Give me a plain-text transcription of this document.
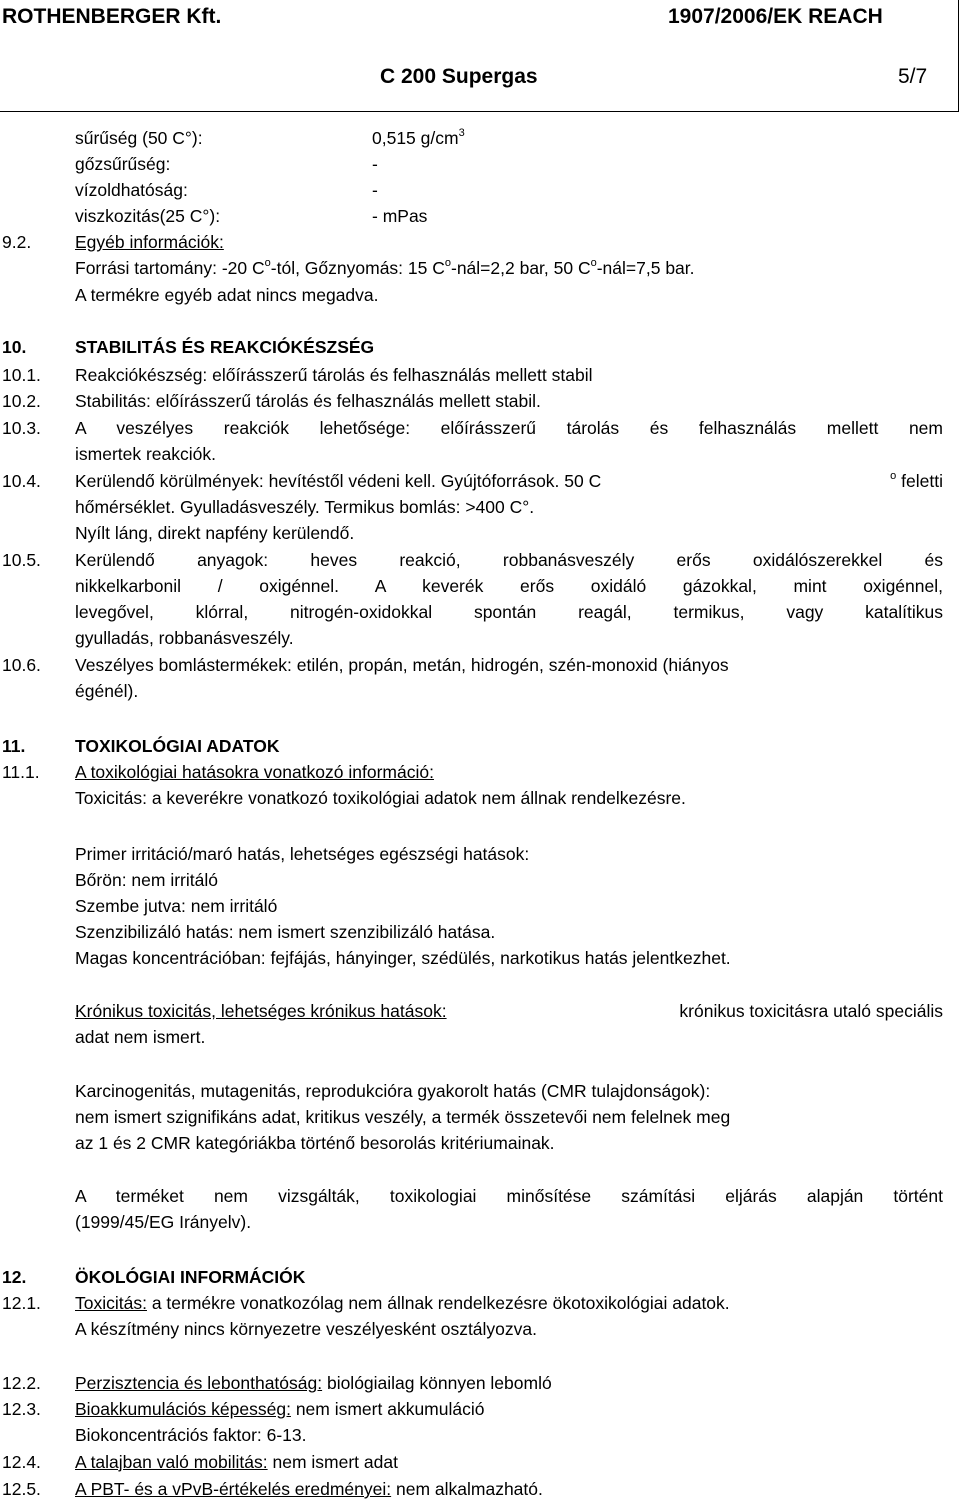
ROTHENBERGER Kft.	1907/2006/EK REACH
C 200 Supergas	5/7
sűrűség (50 C°):	0,515 $g/cm^3$
gőzsűrűség:	-
vízoldhatóság:	-
viszkozitás(25 C°):	- mPas
9.2.	Egyéb információk:
Forrási tartomány: -20 $C^o$-tól, Gőznyomás: 15 $C^o-nál=2,2$ bar, 50 $C^o-nál=7,5$ bar.
A termékre egyéb adat nincs megadva.
10.	STABILITÁS ÉS REAKCIÓKÉSZSÉG
10.1. Reakciókészség: előírásszerű tárolás és felhasználás mellett stabil
10.2. Stabilitás: előírásszerű tárolás és felhasználás mellett stabil.
10.3. A veszélyes reakciók lehetősége: előírásszerű tárolás és felhasználás mellett nem
ismertek reakciók.
10.4. Kerülendő körülmények: hevítéstől védeni kell. Gyújtóforrások. 50 C	$^o$ feletti
hőmérséklet. Gyulladásveszély. Termikus bomlás: >400 C°.
Nyílt láng, direkt napfény kerülendő.
10.5. Kerülendő anyagok: heves reakció, robbanásveszély erős oxidálószerekkel és
nikkelkarbonil / oxigénnel. A keverék erős oxidáló gázokkal, mint oxigénnel,
levegővel, klórral, nitrogén-oxidokkal spontán reagál, termikus, vagy katalítikus
gyulladás, robbanásveszély.
10.6. Veszélyes bomlástermékek: etilén, propán, metán, hidrogén, szén-monoxid (hiányos
égénél).
11.	TOXIKOLÓGIAI ADATOK
11.1. A toxikológiai hatásokra vonatkozó információ:
Toxicitás: a keverékre vonatkozó toxikológiai adatok nem állnak rendelkezésre.
Primer irritáció/maró hatás, lehetséges egészségi hatások:
Bőrön: nem irritáló
Szembe jutva: nem irritáló
Szenzibilizáló hatás: nem ismert szenzibilizáló hatása.
Magas koncentrációban: fejfájás, hányinger, szédülés, narkotikus hatás jelentkezhet.
Krónikus toxicitás, lehetséges krónikus hatások:	krónikus toxicitásra utaló speciális
adat nem ismert.
Karcinogenitás, mutagenitás, reprodukcióra gyakorolt hatás (CMR tulajdonságok):
nem ismert szignifikáns adat, kritikus veszély, a termék összetevői nem felelnek meg
az 1 és 2 CMR kategóriákba történő besorolás kritériumainak.
A terméket nem vizsgálták, toxikologiai minősítése számítási eljárás alapján történt
(1999/45/EG Irányelv).
12.	ÖKOLÓGIAI INFORMÁCIÓK
12.1. Toxicitás: a termékre vonatkozólag nem állnak rendelkezésre ökotoxikológiai adatok.
A készítmény nincs környezetre veszélyesként osztályozva.
12.2. Perzisztencia és lebonthatóság: biológiailag könnyen lebomló
12.3. Bioakkumulációs képesség: nem ismert akkumuláció
Biokoncentrációs faktor: 6-13.
12.4. A talajban való mobilitás: nem ismert adat
12.5. A PBT- és a vPvB-értékelés eredményei: nem alkalmazható.
